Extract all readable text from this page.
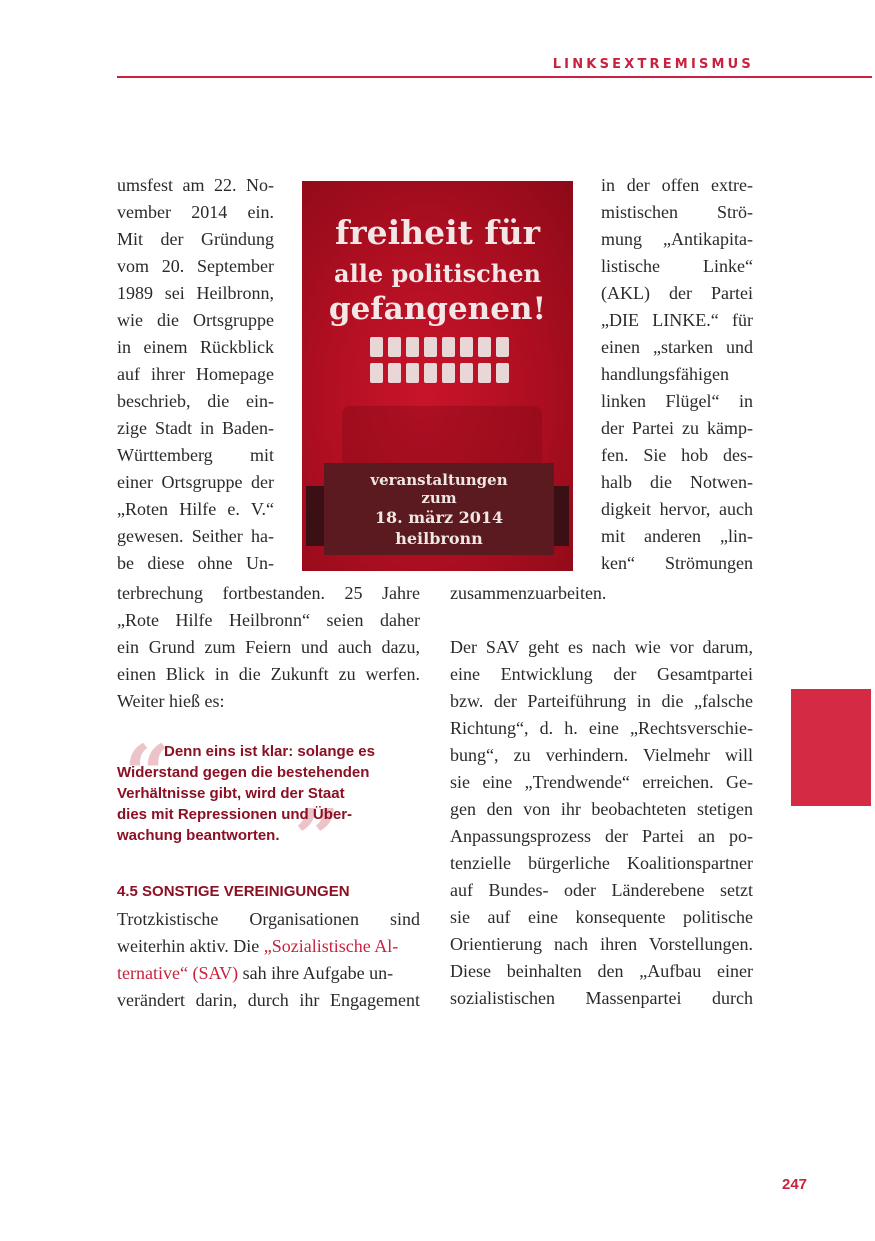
LINKSEXTREMISMUS
umsfest am 22. No-
vember 2014 ein.
Mit der Gründung
vom 20. September
1989 sei Heilbronn,
wie die Ortsgruppe
in einem Rückblick
auf ihrer Homepage
beschrieb, die ein-
zige Stadt in Baden-
Württemberg mit
einer Ortsgruppe der
„Roten Hilfe e. V.“
gewesen. Seither ha-
be diese ohne Un-
freiheit für
alle politischen
gefangenen!
veranstaltungen
zum
18. märz 2014
heilbronn
in der offen extre-
mistischen Strö-
mung „Antikapita-
listische Linke“
(AKL) der Partei
„DIE LINKE.“ für
einen „starken und
handlungsfähigen
linken Flügel“ in
der Partei zu kämp-
fen. Sie hob des-
halb die Notwen-
digkeit hervor, auch
mit anderen „lin-
ken“ Strömungen
terbrechung fortbestanden. 25 Jahre
„Rote Hilfe Heilbronn“ seien daher
ein Grund zum Feiern und auch dazu,
einen Blick in die Zukunft zu werfen.
Weiter hieß es:
zusammenzuarbeiten.
Der SAV geht es nach wie vor darum,
eine Entwicklung der Gesamtpartei
bzw. der Parteiführung in die „falsche
Richtung“, d. h. eine „Rechtsverschie-
bung“, zu verhindern. Vielmehr will
sie eine „Trendwende“ erreichen. Ge-
gen den von ihr beobachteten stetigen
Anpassungsprozess der Partei an po-
tenzielle bürgerliche Koalitionspartner
auf Bundes- oder Länderebene setzt
sie auf eine konsequente politische
Orientierung nach ihren Vorstellungen.
Diese beinhalten den „Aufbau einer
sozialistischen Massenpartei durch
“
”
Denn eins ist klar: solange es
Widerstand gegen die bestehenden
Verhältnisse gibt, wird der Staat
dies mit Repressionen und Über-
wachung beantworten.
4.5 SONSTIGE VEREINIGUNGEN
Trotzkistische Organisationen sind
weiterhin aktiv. Die „Sozialistische Al-
ternative“ (SAV) sah ihre Aufgabe un-
verändert darin, durch ihr Engagement
247
